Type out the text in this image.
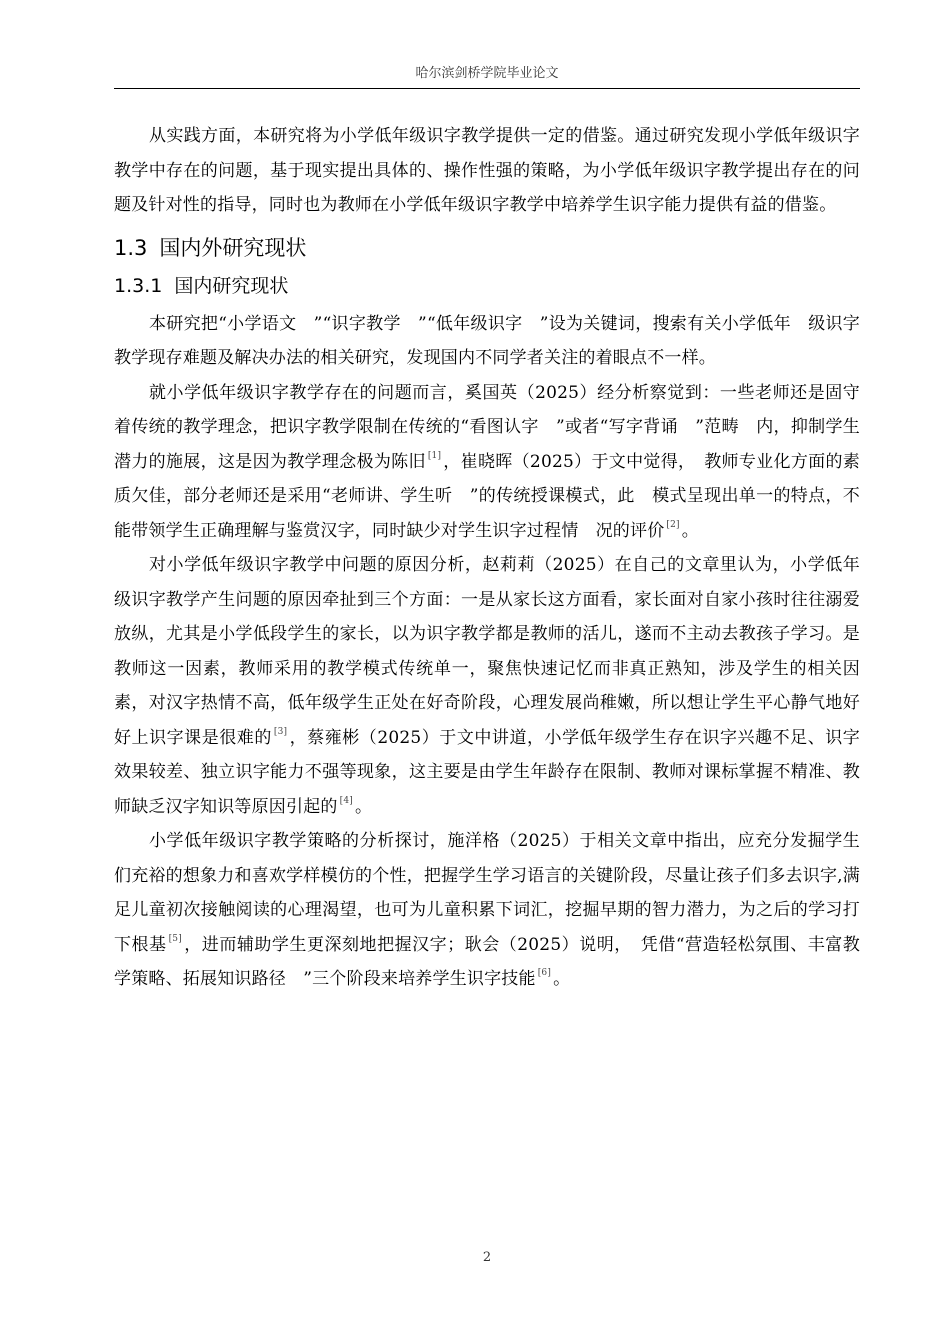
哈尔滨剑桥学院毕业论文

从实践方面，本研究将为小学低年级识字教学提供一定的借鉴。通过研究发现小学低年级识字教学中存在的问题，基于现实提出具体的、操作性强的策略，为小学低年级识字教学提出存在的问题及针对性的指导，同时也为教师在小学低年级识字教学中培养学生识字能力提供有益的借鉴。

1.3 国内外研究现状
1.3.1 国内研究现状

本研究把“小学语文　”“识字教学　”“低年级识字　”设为关键词，搜索有关小学低年　级识字教学现存难题及解决办法的相关研究，发现国内不同学者关注的着眼点不一样。

就小学低年级识字教学存在的问题而言，奚国英（2025）经分析察觉到：一些老师还是固守着传统的教学理念，把识字教学限制在传统的“看图认字　”或者“写字背诵　”范畴　内，抑制学生潜力的施展，这是因为教学理念极为陈旧 [1] ，崔晓晖（2025）于文中觉得，　教师专业化方面的素质欠佳，部分老师还是采用“老师讲、学生听　”的传统授课模式，此　模式呈现出单一的特点，不能带领学生正确理解与鉴赏汉字，同时缺少对学生识字过程情　况的评价 [2] 。

对小学低年级识字教学中问题的原因分析，赵莉莉（2025）在自己的文章里认为，小学低年级识字教学产生问题的原因牵扯到三个方面：一是从家长这方面看，家长面对自家小孩时往往溺爱放纵，尤其是小学低段学生的家长，以为识字教学都是教师的活儿，遂而不主动去教孩子学习。是教师这一因素，教师采用的教学模式传统单一，聚焦快速记忆而非真正熟知，涉及学生的相关因素，对汉字热情不高，低年级学生正处在好奇阶段，心理发展尚稚嫩，所以想让学生平心静气地好好上识字课是很难的 [3] ，蔡雍彬（2025）于文中讲道，小学低年级学生存在识字兴趣不足、识字效果较差、独立识字能力不强等现象，这主要是由学生年龄存在限制、教师对课标掌握不精准、教师缺乏汉字知识等原因引起的 [4] 。

小学低年级识字教学策略的分析探讨，施洋格（2025）于相关文章中指出，应充分发掘学生们充裕的想象力和喜欢学样模仿的个性，把握学生学习语言的关键阶段，尽量让孩子们多去识字,满足儿童初次接触阅读的心理渴望，也可为儿童积累下词汇，挖掘早期的智力潜力，为之后的学习打下根基 [5] ，进而辅助学生更深刻地把握汉字；耿会（2025）说明，　凭借“营造轻松氛围、丰富教学策略、拓展知识路径　”三个阶段来培养学生识字技能 [6] 。

2
